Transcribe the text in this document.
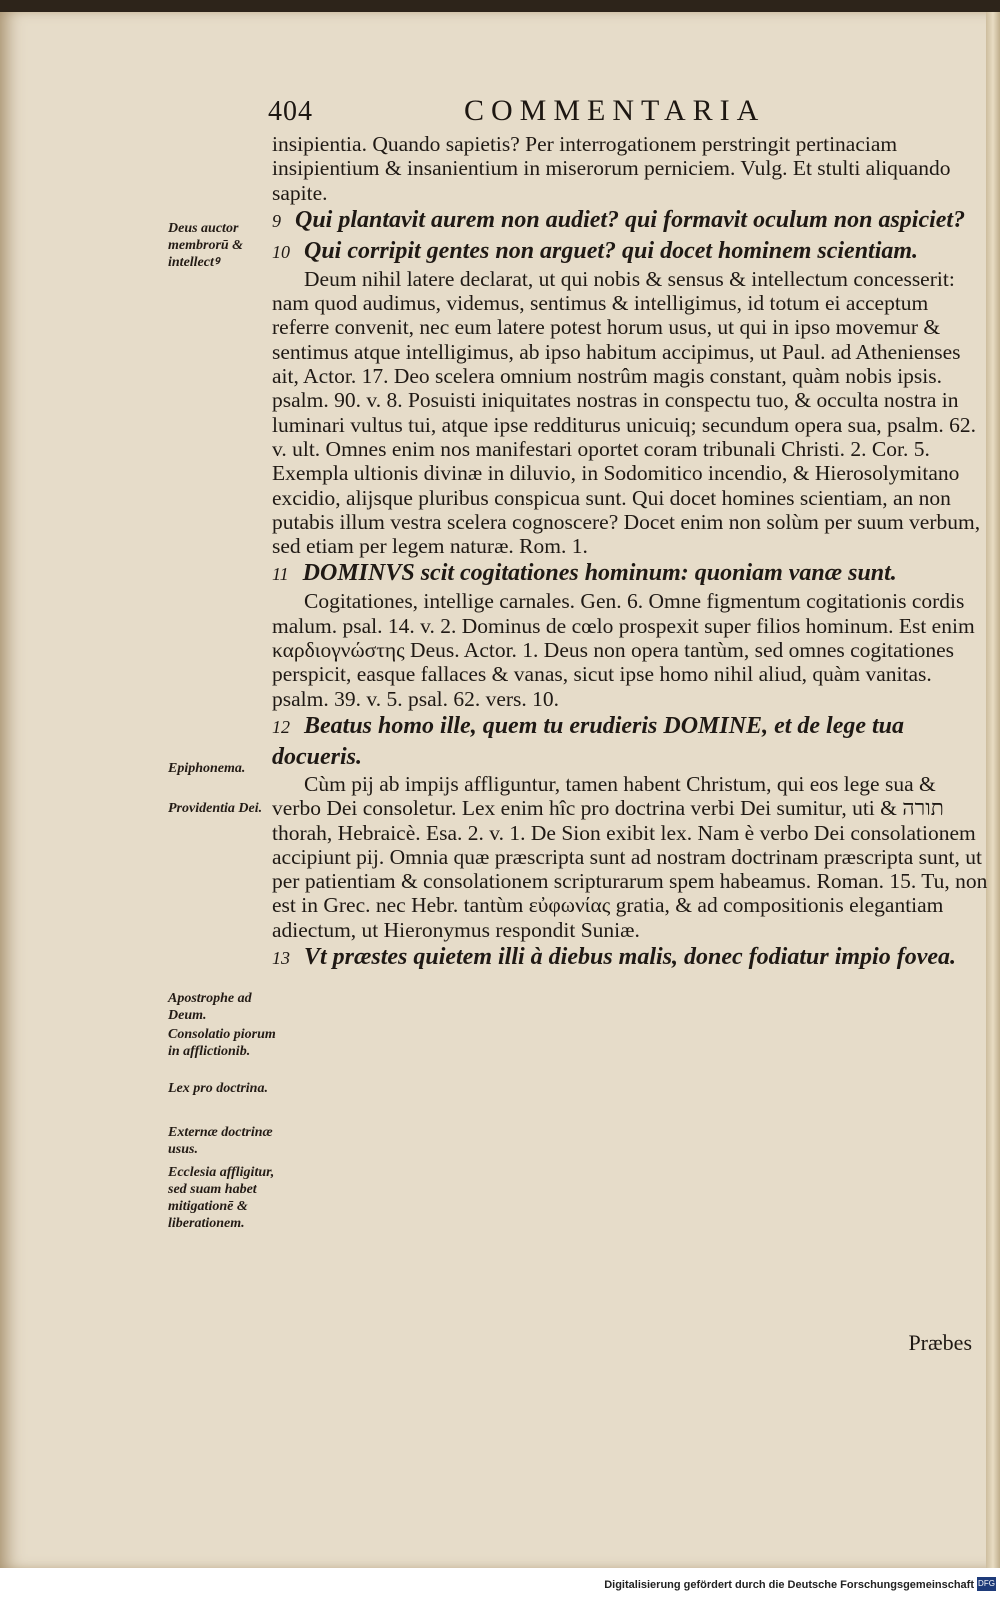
404	COMMENTARIA

insipientia. Quando sapietis? Per interrogationem perstringit pertinaciam insipientium & insanientium in miserorum perniciem. Vulg. Et stulti aliquando sapite.

9 Qui plantavit aurem non audiet? qui formavit oculum non aspiciet?

10 Qui corripit gentes non arguet? qui docet hominem scientiam.

Deum nihil latere declarat, ut qui nobis & sensus & intellectum concesserit: nam quod audimus, videmus, sentimus & intelligimus, id totum ei acceptum referre convenit, nec eum latere potest horum usus, ut qui in ipso movemur & sentimus atque intelligimus, ab ipso habitum accipimus, ut Paul. ad Athenienses ait, Actor. 17. Deo scelera omnium nostrûm magis constant, quàm nobis ipsis. psalm. 90. v. 8. Posuisti iniquitates nostras in conspectu tuo, & occulta nostra in luminari vultus tui, atque ipse redditurus unicuiq; secundum opera sua, psalm. 62. v. ult. Omnes enim nos manifestari oportet coram tribunali Christi. 2. Cor. 5. Exempla ultionis divinæ in diluvio, in Sodomitico incendio, & Hierosolymitano excidio, alijsque pluribus conspicua sunt. Qui docet homines scientiam, an non putabis illum vestra scelera cognoscere? Docet enim non solùm per suum verbum, sed etiam per legem naturæ. Rom. 1.

11 DOMINVS scit cogitationes hominum: quoniam vanæ sunt.

Cogitationes, intellige carnales. Gen. 6. Omne figmentum cogitationis cordis malum. psal. 14. v. 2. Dominus de cœlo prospexit super filios hominum. Est enim καρδιογνώστης Deus. Actor. 1. Deus non opera tantùm, sed omnes cogitationes perspicit, easque fallaces & vanas, sicut ipse homo nihil aliud, quàm vanitas. psalm. 39. v. 5. psal. 62. vers. 10.

12 Beatus homo ille, quem tu erudieris DOMINE, et de lege tua docueris.

Cùm pij ab impijs affliguntur, tamen habent Christum, qui eos lege sua & verbo Dei consoletur. Lex enim hîc pro doctrina verbi Dei sumitur, uti & תורה thorah, Hebraicè. Esa. 2. v. 1. De Sion exibit lex. Nam è verbo Dei consolationem accipiunt pij. Omnia quæ præscripta sunt ad nostram doctrinam præscripta sunt, ut per patientiam & consolationem scripturarum spem habeamus. Roman. 15. Tu, non est in Grec. nec Hebr. tantùm εὐφωνίας gratia, & ad compositionis elegantiam adiectum, ut Hieronymus respondit Suniæ.

13 Vt præstes quietem illi à diebus malis, donec fodiatur impio fovea.

Deus auctor membrorū & intellectꝰ
Epiphonema.
Providentia Dei.
Apostrophe ad Deum.
Consolatio piorum in afflictionib.
Lex pro doctrina.
Externæ doctrinæ usus.
Ecclesia affligitur, sed suam habet mitigationē & liberationem.
Præbes
Digitalisierung gefördert durch die Deutsche Forschungsgemeinschaft DFG
